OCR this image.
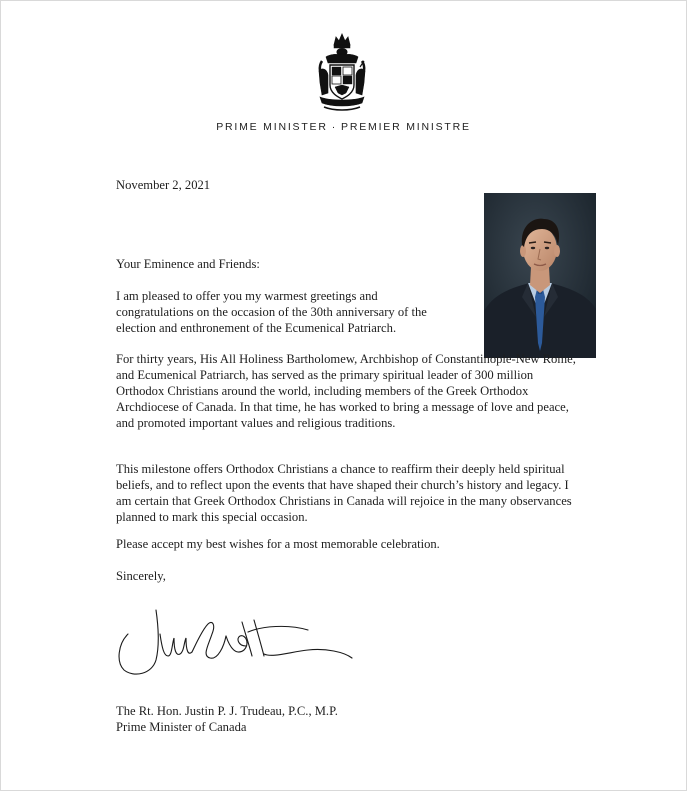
PRIME MINISTER · PREMIER MINISTRE

November 2, 2021

Your Eminence and Friends:

I am pleased to offer you my warmest greetings and congratulations on the occasion of the 30th anniversary of the election and enthronement of the Ecumenical Patriarch.

For thirty years, His All Holiness Bartholomew, Archbishop of Constantinople-New Rome, and Ecumenical Patriarch, has served as the primary spiritual leader of 300 million Orthodox Christians around the world, including members of the Greek Orthodox Archdiocese of Canada. In that time, he has worked to bring a message of love and peace, and promoted important values and religious traditions.

This milestone offers Orthodox Christians a chance to reaffirm their deeply held spiritual beliefs, and to reflect upon the events that have shaped their church’s history and legacy. I am certain that Greek Orthodox Christians in Canada will rejoice in the many observances planned to mark this special occasion.

Please accept my best wishes for a most memorable celebration.

Sincerely,

The Rt. Hon. Justin P. J. Trudeau, P.C., M.P.

Prime Minister of Canada
